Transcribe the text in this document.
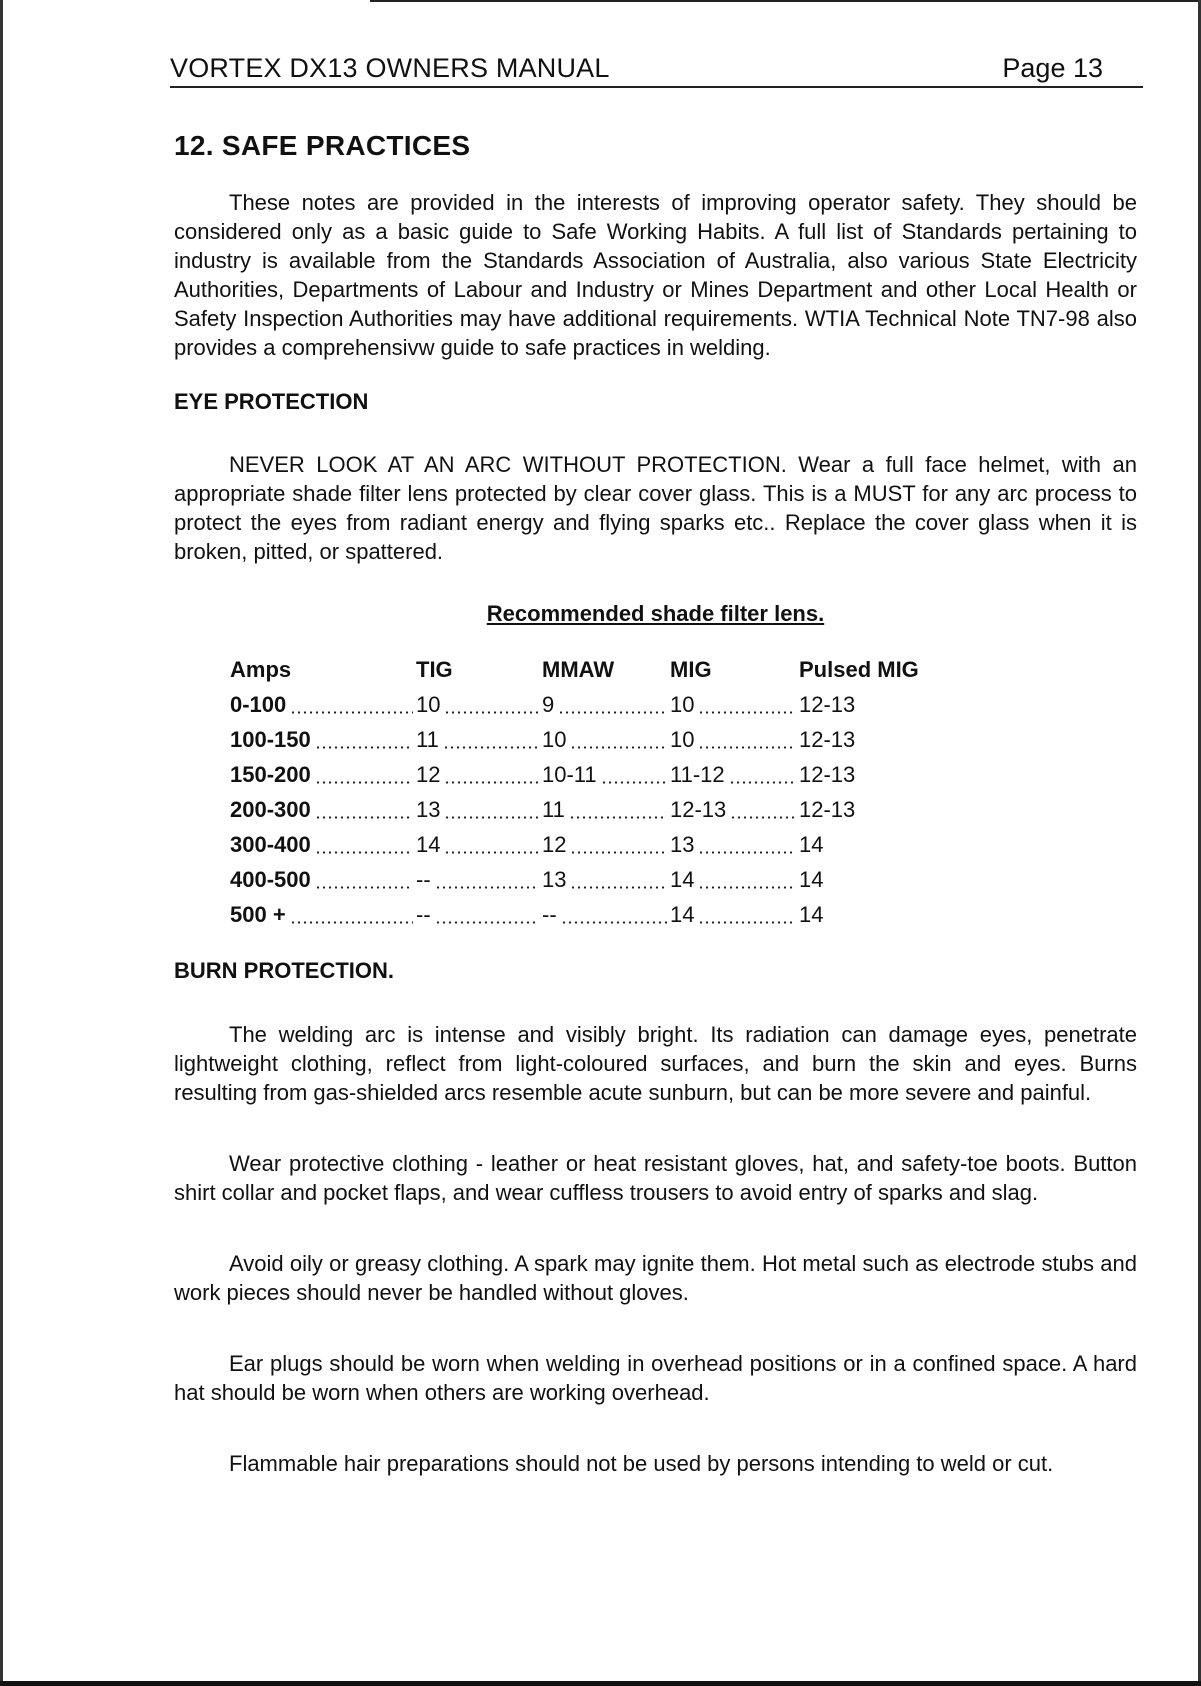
VORTEX DX13 OWNERS MANUAL	Page 13
12. SAFE PRACTICES

These notes are provided in the interests of improving operator safety. They should be considered only as a basic guide to Safe Working Habits. A full list of Standards pertaining to industry is available from the Standards Association of Australia, also various State Electricity Authorities, Departments of Labour and Industry or Mines Department and other Local Health or Safety Inspection Authorities may have additional requirements. WTIA Technical Note TN7-98 also provides a comprehensivw guide to safe practices in welding.

EYE PROTECTION

NEVER LOOK AT AN ARC WITHOUT PROTECTION. Wear a full face helmet, with an appropriate shade filter lens protected by clear cover glass. This is a MUST for any arc process to protect the eyes from radiant energy and flying sparks etc.. Replace the cover glass when it is broken, pitted, or spattered.

Recommended shade filter lens.

Amps	TIG	MMAW	MIG	Pulsed MIG
0-100	10	9	10	12-13
100-150	11	10	10	12-13
150-200	12	10-11	11-12	12-13
200-300	13	11	12-13	12-13
300-400	14	12	13	14
400-500	--	13	14	14
500 +	--	--	14	14
BURN PROTECTION.

The welding arc is intense and visibly bright. Its radiation can damage eyes, penetrate lightweight clothing, reflect from light-coloured surfaces, and burn the skin and eyes. Burns resulting from gas-shielded arcs resemble acute sunburn, but can be more severe and painful.

Wear protective clothing - leather or heat resistant gloves, hat, and safety-toe boots. Button shirt collar and pocket flaps, and wear cuffless trousers to avoid entry of sparks and slag.

Avoid oily or greasy clothing. A spark may ignite them. Hot metal such as electrode stubs and work pieces should never be handled without gloves.

Ear plugs should be worn when welding in overhead positions or in a confined space. A hard hat should be worn when others are working overhead.

Flammable hair preparations should not be used by persons intending to weld or cut.
